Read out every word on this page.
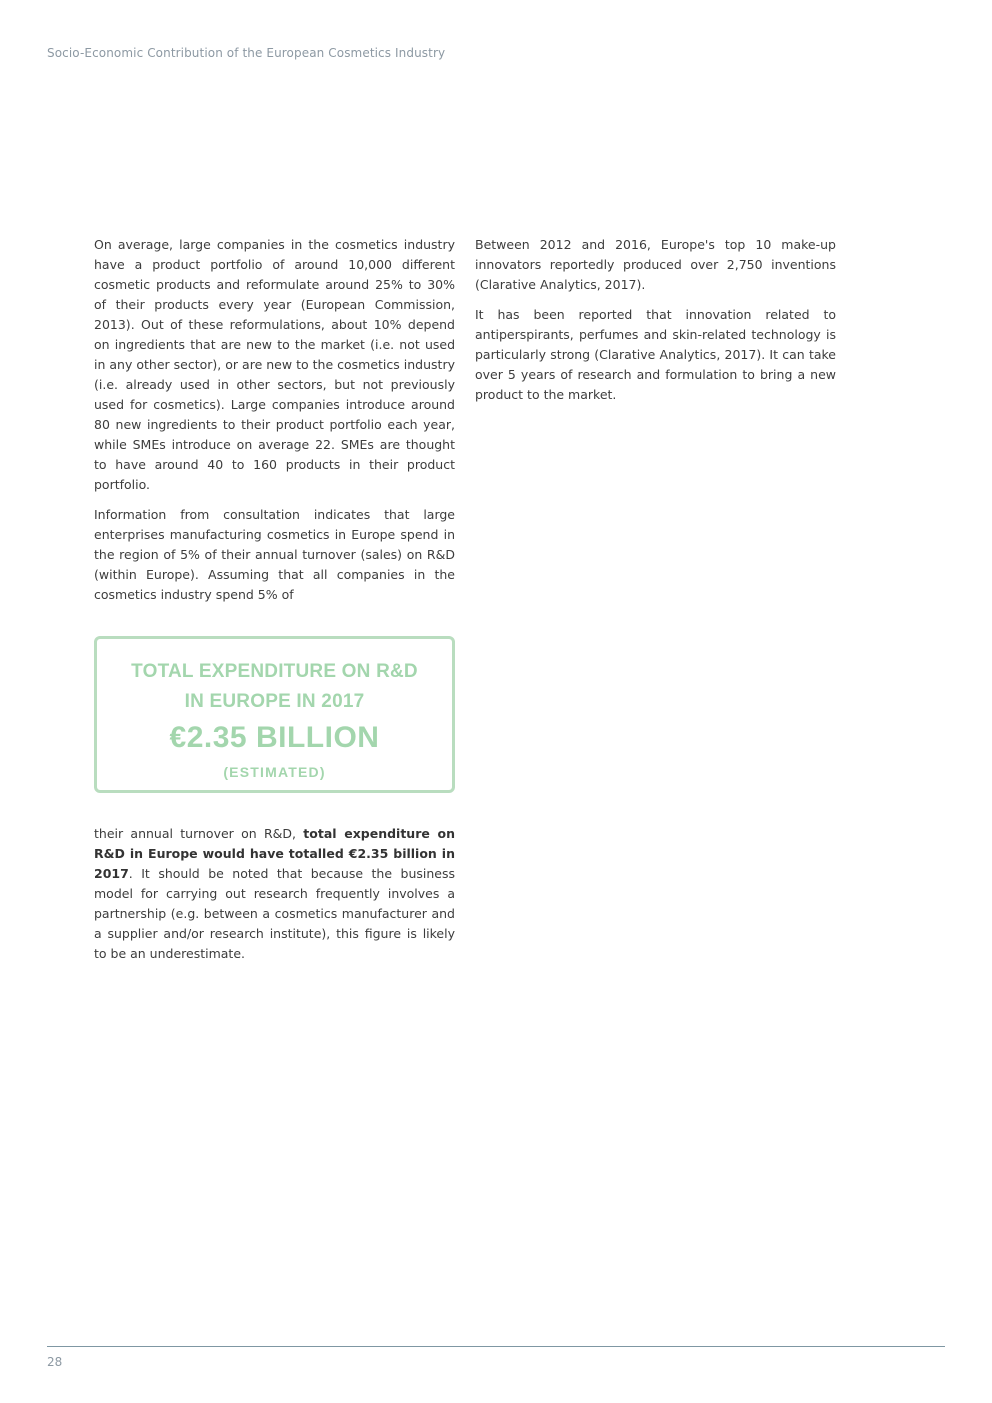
Socio-Economic Contribution of the European Cosmetics Industry

On average, large companies in the cosmetics industry have a product portfolio of around 10,000 different cosmetic products and reformulate around 25% to 30% of their products every year (European Commission, 2013). Out of these reformulations, about 10% depend on ingredients that are new to the market (i.e. not used in any other sector), or are new to the cosmetics industry (i.e. already used in other sectors, but not previously used for cosmetics). Large companies introduce around 80 new ingredients to their product portfolio each year, while SMEs introduce on average 22. SMEs are thought to have around 40 to 160 products in their product portfolio.

Information from consultation indicates that large enterprises manufacturing cosmetics in Europe spend in the region of 5% of their annual turnover (sales) on R&D (within Europe). Assuming that all companies in the cosmetics industry spend 5% of

TOTAL EXPENDITURE ON R&D
IN EUROPE IN 2017
€2.35 BILLION
(ESTIMATED)

their annual turnover on R&D, total expenditure on R&D in Europe would have totalled €2.35 billion in 2017. It should be noted that because the business model for carrying out research frequently involves a partnership (e.g. between a cosmetics manufacturer and a supplier and/or research institute), this figure is likely to be an underestimate.

Between 2012 and 2016, Europe's top 10 make-up innovators reportedly produced over 2,750 inventions (Clarative Analytics, 2017).

It has been reported that innovation related to antiperspirants, perfumes and skin-related technology is particularly strong (Clarative Analytics, 2017). It can take over 5 years of research and formulation to bring a new product to the market.

28
